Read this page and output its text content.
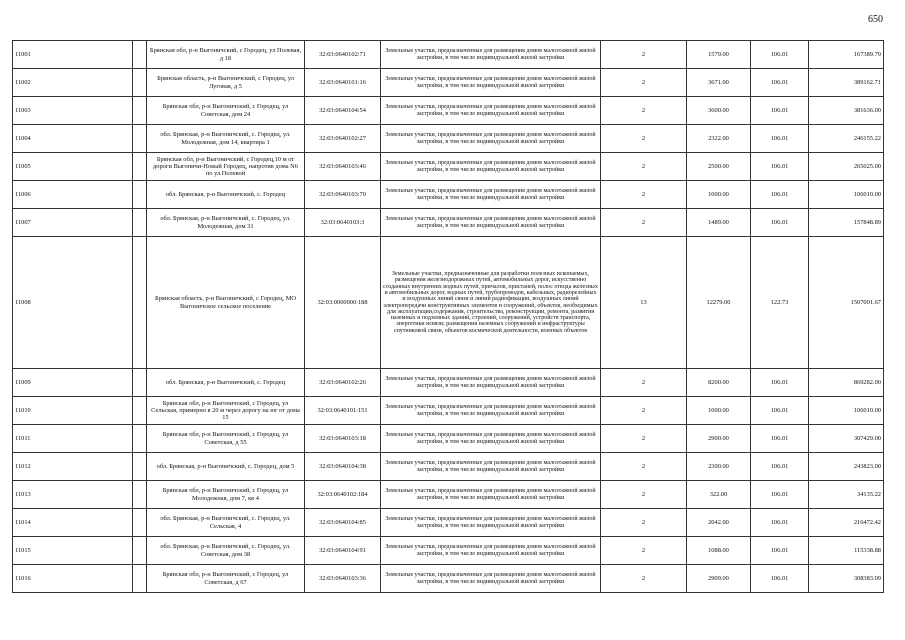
650
11001		Брянская обл, р-н Выгоничский, с Городец, ул Полевая, д 18	32:03:0640102:71	Земельные участки, предназначенные для размещения домов малоэтажной жилой застройки, в том числе индивидуальной жилой застройки	2	1579.00	106.01	167389.79
11002		Брянская область, р-н Выгоничский, с Городец, ул Луговая, д 5	32:03:0640101:16	Земельные участки, предназначенные для размещения домов малоэтажной жилой застройки, в том числе индивидуальной жилой застройки	2	3671.00	106.01	389162.71
11003		Брянская обл, р-н Выгоничский, с Городец, ул Советская, дом 24	32:03:0640104:54	Земельные участки, предназначенные для размещения домов малоэтажной жилой застройки, в том числе индивидуальной жилой застройки	2	3600.00	106.01	381636.00
11004		обл. Брянская, р-н Выгоничский, с. Городец, ул. Молодежная, дом 14, квартира 1	32:03:0640102:27	Земельные участки, предназначенные для размещения домов малоэтажной жилой застройки, в том числе индивидуальной жилой застройки	2	2322.00	106.01	246155.22
11005		Брянская обл, р-н Выгоничский, с Городец,10 м от дороги Выгоничи-Новый Городец, напротив дома N6 по ул.Полевой	32:03:0640103:46	Земельные участки, предназначенные для размещения домов малоэтажной жилой застройки, в том числе индивидуальной жилой застройки	2	2500.00	106.01	265025.00
11006		обл. Брянская, р-н Выгоничский, с. Городец	32:03:0640103:70	Земельные участки, предназначенные для размещения домов малоэтажной жилой застройки, в том числе индивидуальной жилой застройки	2	1000.00	106.01	106010.00
11007		обл. Брянская, р-н Выгоничский, с. Городец, ул. Молодежная, дом 31	32:03:0640103:3	Земельные участки, предназначенные для размещения домов малоэтажной жилой застройки, в том числе индивидуальной жилой застройки	2	1489.00	106.01	157848.89
11008		Брянская область, р-н Выгоничский, с Городец, МО Выгоничское сельское поселение	32:03:0000000:188	Земельные участки, предназначенные для разработки полезных ископаемых, размещения железнодорожных путей, автомобильных дорог, искусственно созданных внутренних водных путей, причалов, пристаней, полос отвода железных и автомобильных дорог, водных путей, трубопроводов, кабельных, радиорелейных и воздушных линий связи и линий радиофикации, воздушных линий электропередачи конструктивных элементов и сооружений, объектов, необходимых для эксплуатации,содержания, строительства, реконструкции, ремонта, развития наземных и подземных зданий, строений, сооружений, устройств транспорта, энергетики исвязи; размещения наземных сооружений и инфраструктуры спутниковой связи, объектов космической деятельности, военных объектов	13	12279.00	122.73	1507001.67
11009		обл. Брянская, р-н Выгоничский, с. Городец	32:03:0640102:26	Земельные участки, предназначенные для размещения домов малоэтажной жилой застройки, в том числе индивидуальной жилой застройки	2	8200.00	106.01	869282.00
11010		Брянская обл, р-н Выгоничский, с Городец, ул Сельская, примерно в 20 м через дорогу на юг от дома 15	32:03:0640101:151	Земельные участки, предназначенные для размещения домов малоэтажной жилой застройки, в том числе индивидуальной жилой застройки	2	1000.00	106.01	106010.00
11011		Брянская обл, р-н Выгоничский, с Городец, ул Советская, д 55	32:03:0640103:18	Земельные участки, предназначенные для размещения домов малоэтажной жилой застройки, в том числе индивидуальной жилой застройки	2	2900.00	106.01	307429.00
11012		обл. Брянская, р-н Выгоничский, с. Городец, дом 5	32:03:0640104:38	Земельные участки, предназначенные для размещения домов малоэтажной жилой застройки, в том числе индивидуальной жилой застройки	2	2300.00	106.01	243823.00
11013		Брянская обл, р-н Выгоничский, с Городец, ул Молодежная, дом 7, кв 4	32:03:0640102:184	Земельные участки, предназначенные для размещения домов малоэтажной жилой застройки, в том числе индивидуальной жилой застройки	2	322.00	106.01	34135.22
11014		обл. Брянская, р-н Выгоничский, с. Городец, ул. Сельская, 4	32:03:0640104:85	Земельные участки, предназначенные для размещения домов малоэтажной жилой застройки, в том числе индивидуальной жилой застройки	2	2042.00	106.01	216472.42
11015		обл. Брянская, р-н Выгоничский, с. Городец, ул. Советская, дом 38	32:03:0640104:91	Земельные участки, предназначенные для размещения домов малоэтажной жилой застройки, в том числе индивидуальной жилой застройки	2	1088.00	106.01	115338.88
11016		Брянская обл, р-н Выгоничский, с Городец, ул Советская, д 67	32:03:0640103:36	Земельные участки, предназначенные для размещения домов малоэтажной жилой застройки, в том числе индивидуальной жилой застройки	2	2909.00	106.01	308383.09
